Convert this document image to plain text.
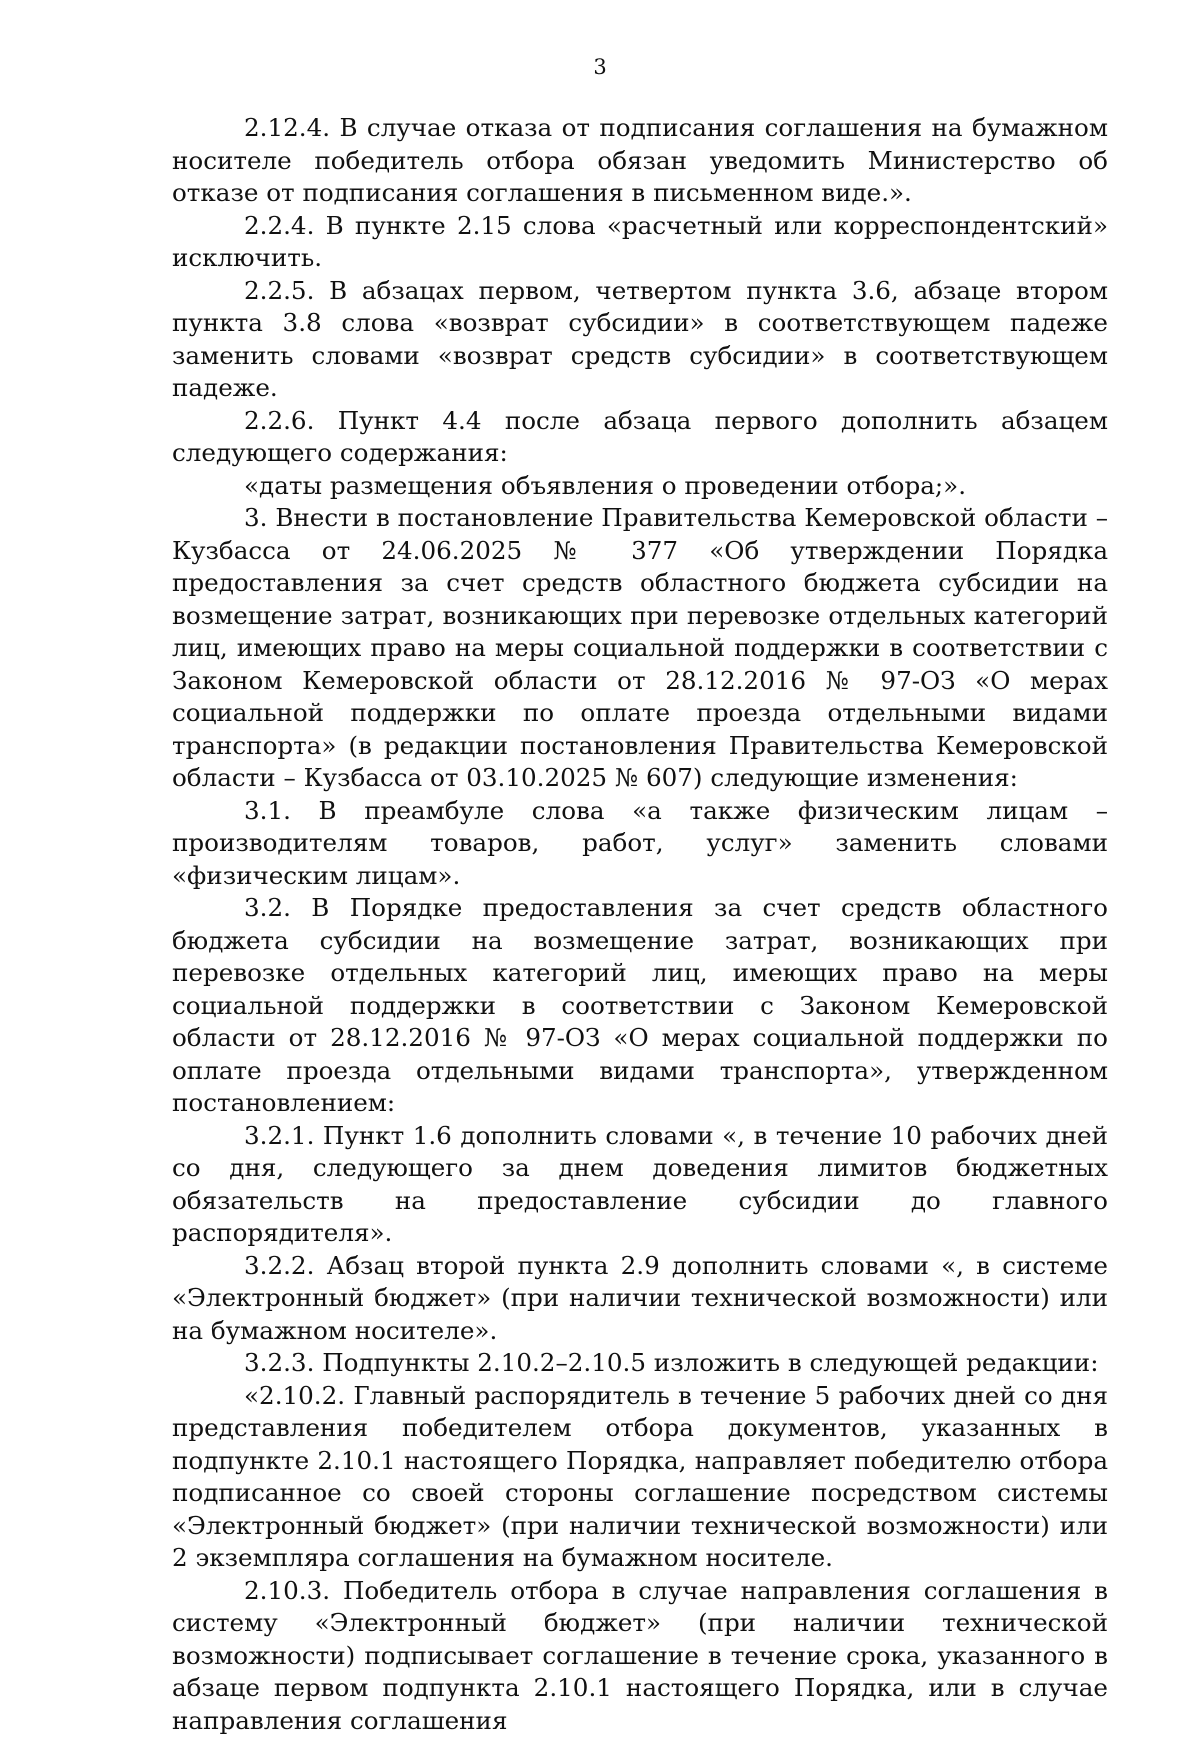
3

2.12.4. В случае отказа от подписания соглашения на бумажном носителе победитель отбора обязан уведомить Министерство об отказе от подписания соглашения в письменном виде.».

2.2.4. В пункте 2.15 слова «расчетный или корреспондентский» исключить.

2.2.5. В абзацах первом, четвертом пункта 3.6, абзаце втором пункта 3.8 слова «возврат субсидии» в соответствующем падеже заменить словами «возврат средств субсидии» в соответствующем падеже.

2.2.6. Пункт 4.4 после абзаца первого дополнить абзацем следующего содержания:

«даты размещения объявления о проведении отбора;».

3. Внести в постановление Правительства Кемеровской области – Кузбасса от 24.06.2025 № 377 «Об утверждении Порядка предоставления за счет средств областного бюджета субсидии на возмещение затрат, возникающих при перевозке отдельных категорий лиц, имеющих право на меры социальной поддержки в соответствии с Законом Кемеровской области от 28.12.2016 № 97-ОЗ «О мерах социальной поддержки по оплате проезда отдельными видами транспорта» (в редакции постановления Правительства Кемеровской области – Кузбасса от 03.10.2025 № 607) следующие изменения:

3.1. В преамбуле слова «а также физическим лицам – производителям товаров, работ, услуг» заменить словами «физическим лицам».

3.2. В Порядке предоставления за счет средств областного бюджета субсидии на возмещение затрат, возникающих при перевозке отдельных категорий лиц, имеющих право на меры социальной поддержки в соответствии с Законом Кемеровской области от 28.12.2016 № 97-ОЗ «О мерах социальной поддержки по оплате проезда отдельными видами транспорта», утвержденном постановлением:

3.2.1. Пункт 1.6 дополнить словами «, в течение 10 рабочих дней со дня, следующего за днем доведения лимитов бюджетных обязательств на предоставление субсидии до главного распорядителя».

3.2.2. Абзац второй пункта 2.9 дополнить словами «, в системе «Электронный бюджет» (при наличии технической возможности) или на бумажном носителе».

3.2.3. Подпункты 2.10.2–2.10.5 изложить в следующей редакции:

«2.10.2. Главный распорядитель в течение 5 рабочих дней со дня представления победителем отбора документов, указанных в подпункте 2.10.1 настоящего Порядка, направляет победителю отбора подписанное со своей стороны соглашение посредством системы «Электронный бюджет» (при наличии технической возможности) или 2 экземпляра соглашения на бумажном носителе.

2.10.3. Победитель отбора в случае направления соглашения в систему «Электронный бюджет» (при наличии технической возможности) подписывает соглашение в течение срока, указанного в абзаце первом подпункта 2.10.1 настоящего Порядка, или в случае направления соглашения
